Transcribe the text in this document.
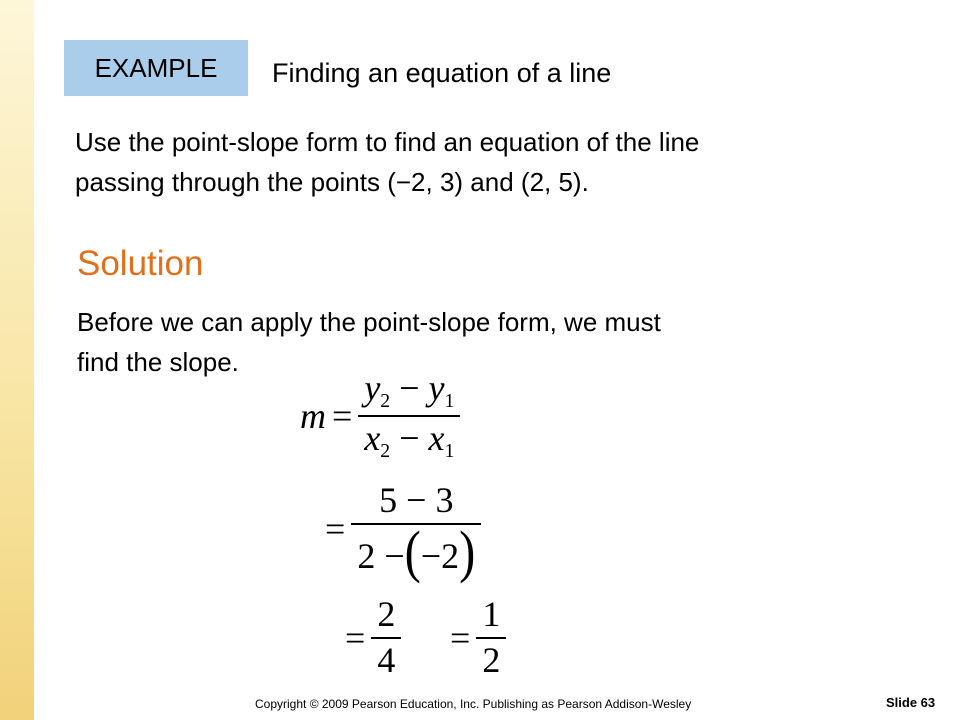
EXAMPLE Finding an equation of a line
Use the point-slope form to find an equation of the line
passing through the points (−2, 3) and (2, 5).
Solution
Before we can apply the point-slope form, we must
find the slope.
$m = \frac{y_2 - y_1}{x_2 - x_1}$
= $\frac{5 - 3}{2 -(-2)}$
= $\frac{2}{4} = \frac{1}{2}$
Copyright © 2009 Pearson Education, Inc. Publishing as Pearson Addison-Wesley	Slide 63
